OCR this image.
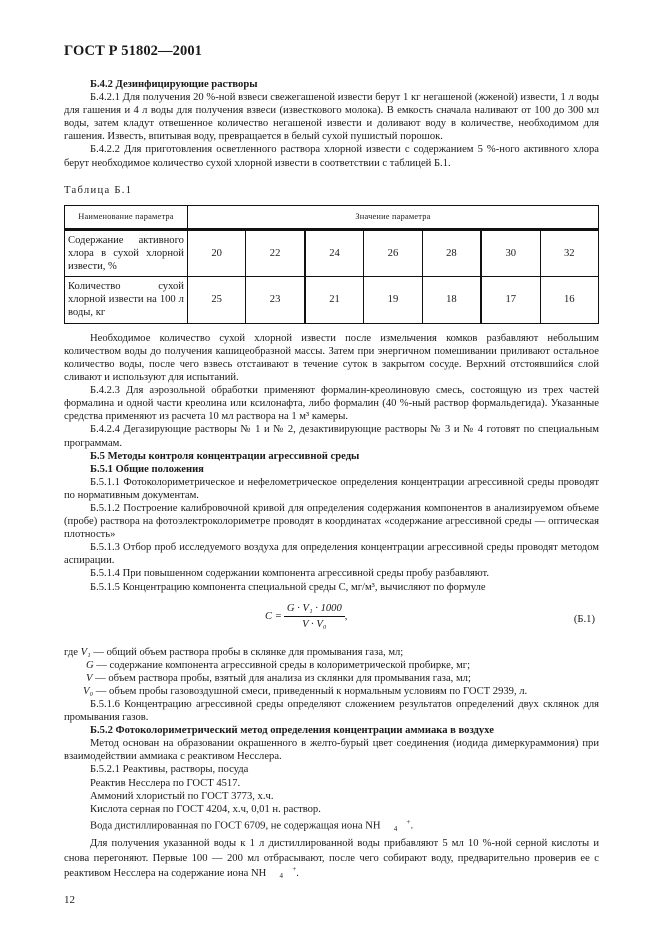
ГОСТ Р 51802—2001

Б.4.2 Дезинфицирующие растворы

Б.4.2.1 Для получения 20 %-ной взвеси свежегашеной извести берут 1 кг негашеной (жженой) извести, 1 л воды для гашения и 4 л воды для получения взвеси (известкового молока). В емкость сначала наливают от 100 до 300 мл воды, затем кладут отвешенное количество негашеной извести и доливают воду в количестве, необходимом для гашения. Известь, впитывая воду, превращается в белый сухой пушистый порошок.

Б.4.2.2 Для приготовления осветленного раствора хлорной извести с содержанием 5 %-ного активного хлора берут необходимое количество сухой хлорной извести в соответствии с таблицей Б.1.

Таблица Б.1
Наименование параметра	Значение параметра						

Содержание активного хлора в сухой хлорной извести, %	20	22	24	26	28	30	32

Количество сухой хлорной извести на 100 л воды, кг	25	23	21	19	18	17	16

Необходимое количество сухой хлорной извести после измельчения комков разбавляют небольшим количеством воды до получения кашицеобразной массы. Затем при энергичном помешивании приливают остальное количество воды, после чего взвесь отстаивают в течение суток в закрытом сосуде. Верхний отстоявшийся слой сливают и используют для испытаний.

Б.4.2.3 Для аэрозольной обработки применяют формалин-креолиновую смесь, состоящую из трех частей формалина и одной части креолина или ксилонафта, либо формалин (40 %-ный раствор формальдегида). Указанные средства применяют из расчета 10 мл раствора на 1 м³ камеры.

Б.4.2.4 Дегазирующие растворы № 1 и № 2, дезактивирующие растворы № 3 и № 4 готовят по специальным программам.

Б.5 Методы контроля концентрации агрессивной среды

Б.5.1 Общие положения

Б.5.1.1 Фотоколориметрическое и нефелометрическое определения концентрации агрессивной среды проводят по нормативным документам.

Б.5.1.2 Построение калибровочной кривой для определения содержания компонентов в анализируемом объеме (пробе) раствора на фотоэлектроколориметре проводят в координатах «содержание агрессивной среды — оптическая плотность»

Б.5.1.3 Отбор проб исследуемого воздуха для определения концентрации агрессивной среды проводят методом аспирации.

Б.5.1.4 При повышенном содержании компонента агрессивной среды пробу разбавляют.

Б.5.1.5 Концентрацию компонента специальной среды C, мг/м³, вычисляют по формуле

$C = \frac{\text{G · V₁ · 1000}}{\text{V · V₀}}$ ,	(Б.1)

где V₁ — общий объем раствора пробы в склянке для промывания газа, мл;

G — содержание компонента агрессивной среды в колориметрической пробирке, мг;

V — объем раствора пробы, взятый для анализа из склянки для промывания газа, мл;

V₀ — объем пробы газовоздушной смеси, приведенный к нормальным условиям по ГОСТ 2939, л.

Б.5.1.6 Концентрацию агрессивной среды определяют сложением результатов определений двух склянок для промывания газов.

Б.5.2 Фотоколориметрический метод определения концентрации аммиака в воздухе

Метод основан на образовании окрашенного в желто-бурый цвет соединения (иодида димеркураммония) при взаимодействии аммиака с реактивом Несслера.

Б.5.2.1 Реактивы, растворы, посуда

Реактив Несслера по ГОСТ 4517.

Аммоний хлористый по ГОСТ 3773, х.ч.

Кислота серная по ГОСТ 4204, х.ч, 0,01 н. раствор.

Вода дистиллированная по ГОСТ 6709, не содержащая иона NH	+
4 .

Для получения указанной воды к 1 л дистиллированной воды прибавляют 5 мл 10 %-ной серной кислоты и снова перегоняют. Первые 100 — 200 мл отбрасывают, после чего собирают воду, предварительно проверив ее с реактивом Несслера на содержание иона NH	+
4 .

12
